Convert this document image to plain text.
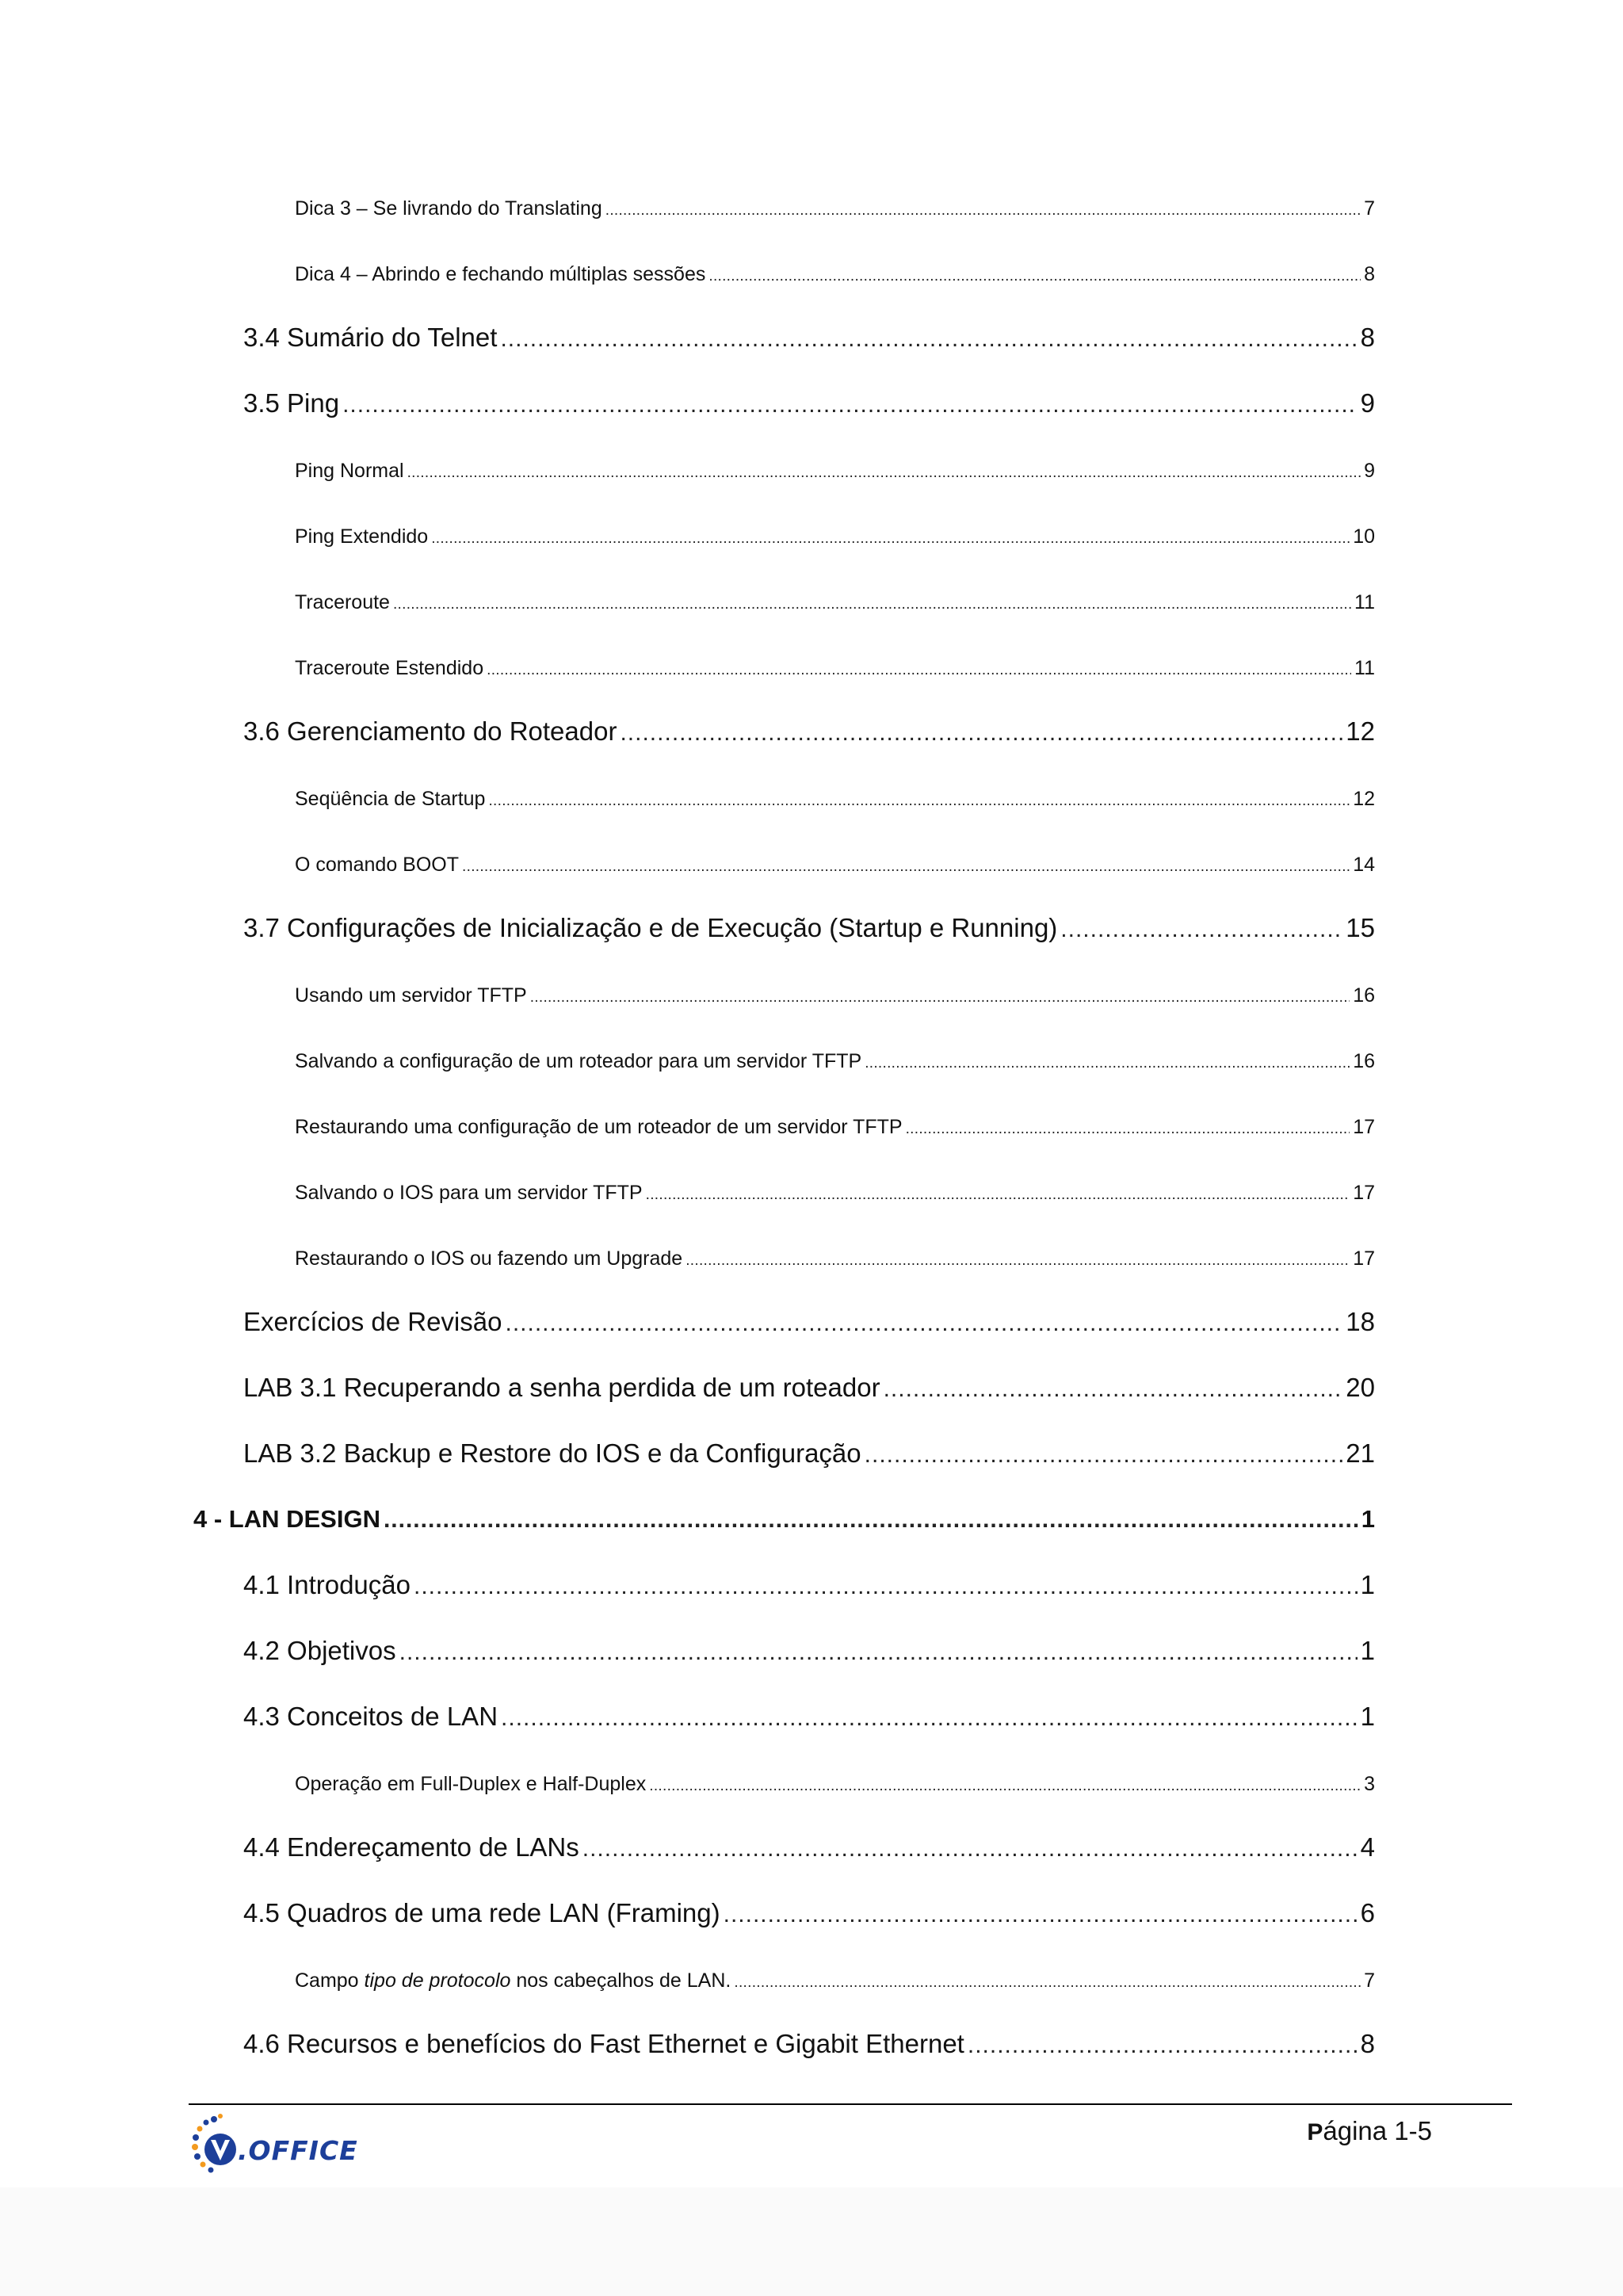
Dica 3 – Se livrando do Translating .....	7
Dica 4 – Abrindo e fechando múltiplas sessões .....	8
3.4 Sumário do Telnet .....	8
3.5 Ping .....	9
Ping Normal .....	9
Ping Extendido .....	10
Traceroute .....	11
Traceroute Estendido .....	11
3.6 Gerenciamento do Roteador .....	12
Seqüência de Startup .....	12
O comando BOOT .....	14
3.7 Configurações de Inicialização e de Execução (Startup e Running) .....	15
Usando um servidor TFTP .....	16
Salvando a configuração de um roteador para um servidor TFTP .....	16
Restaurando uma configuração de um roteador de um servidor TFTP .....	17
Salvando o IOS para um servidor TFTP .....	17
Restaurando o IOS ou fazendo um Upgrade .....	17
Exercícios de Revisão .....	18
LAB 3.1 Recuperando a senha perdida de um roteador .....	20
LAB 3.2 Backup e Restore do IOS e da Configuração .....	21
4 - LAN DESIGN .....	1
4.1 Introdução .....	1
4.2 Objetivos .....	1
4.3 Conceitos de LAN .....	1
Operação em Full-Duplex e Half-Duplex .....	3
4.4 Endereçamento de LANs .....	4
4.5 Quadros de uma rede LAN (Framing) .....	6
Campo tipo de protocolo nos cabeçalhos de LAN. .....	7
4.6 Recursos e benefícios do Fast Ethernet e Gigabit Ethernet .....	8
.OFFICE
Página 1-5
